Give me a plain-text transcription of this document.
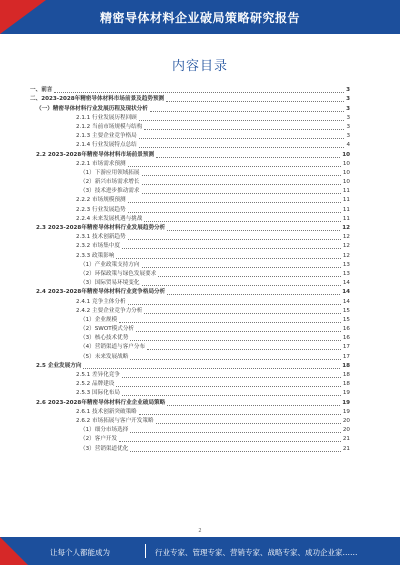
精密导体材料企业破局策略研究报告
内容目录
一、前言	3
二、2023-2028年精密导体材料市场前景及趋势预测	3
（一）精密导体材料行业发展历程及现状分析	3
2.1.1 行业发展历程回顾	3
2.1.2 当前市场规模与结构	3
2.1.3 主要企业竞争格局	3
2.1.4 行业发展特点总结	4
2.2 2023-2028年精密导体材料市场前景预测	10
2.2.1 市场需求预测	10
（1）下游应用领域拓展	10
（2）新兴市场需求增长	10
（3）技术进步推动需求	11
2.2.2 市场规模预测	11
2.2.3 行业发展趋势	11
2.2.4 未来发展机遇与挑战	11
2.3 2023-2028年精密导体材料行业发展趋势分析	12
2.3.1 技术创新趋势	12
2.3.2 市场集中度	12
2.3.3 政策影响	12
（1）产业政策支持方向	13
（2）环保政策与绿色发展要求	13
（3）国际贸易环境变化	14
2.4 2023-2028年精密导体材料行业竞争格局分析	14
2.4.1 竞争主体分析	14
2.4.2 主要企业竞争力分析	15
（1）企业规模	15
（2）SWOT模式分析	16
（3）核心技术优势	16
（4）营销渠道与客户分布	17
（5）未来发展战略	17
2.5 企业发展方向	18
2.5.1 差异化竞争	18
2.5.2 品牌建设	18
2.5.3 国际化布局	19
2.6 2023-2028年精密导体材料行业企业破局策略	19
2.6.1 技术创新突破策略	19
2.6.2 市场拓展与客户开发策略	20
（1）细分市场选择	20
（2）客户开发	21
（3）营销渠道优化	21
2
让每个人都能成为	行业专家、管理专家、营销专家、战略专家、成功企业家……
